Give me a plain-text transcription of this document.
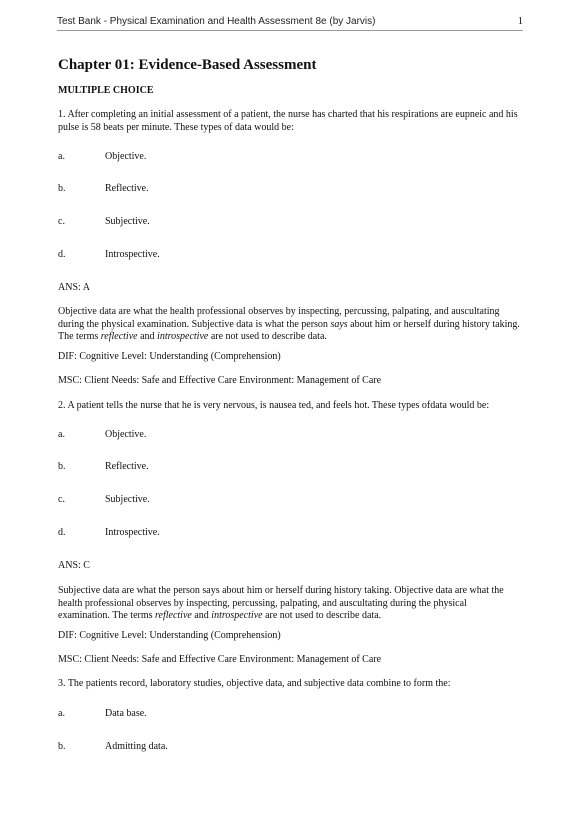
Test Bank - Physical Examination and Health Assessment 8e (by Jarvis)	1
Chapter 01: Evidence-Based Assessment
MULTIPLE CHOICE
1. After completing an initial assessment of a patient, the nurse has charted that his respirations are eupneic and his pulse is 58 beats per minute. These types of data would be:
a.	Objective.
b.	Reflective.
c.	Subjective.
d.	Introspective.
ANS: A
Objective data are what the health professional observes by inspecting, percussing, palpating, and auscultating during the physical examination. Subjective data is what the person says about him or herself during history taking. The terms reflective and introspective are not used to describe data.
DIF: Cognitive Level: Understanding (Comprehension)
MSC: Client Needs: Safe and Effective Care Environment: Management of Care
2. A patient tells the nurse that he is very nervous, is nausea ted, and feels hot. These types ofdata would be:
a.	Objective.
b.	Reflective.
c.	Subjective.
d.	Introspective.
ANS: C
Subjective data are what the person says about him or herself during history taking. Objective data are what the health professional observes by inspecting, percussing, palpating, and auscultating during the physical examination. The terms reflective and introspective are not used to describe data.
DIF: Cognitive Level: Understanding (Comprehension)
MSC: Client Needs: Safe and Effective Care Environment: Management of Care
3. The patients record, laboratory studies, objective data, and subjective data combine to form the:
a.	Data base.
b.	Admitting data.
